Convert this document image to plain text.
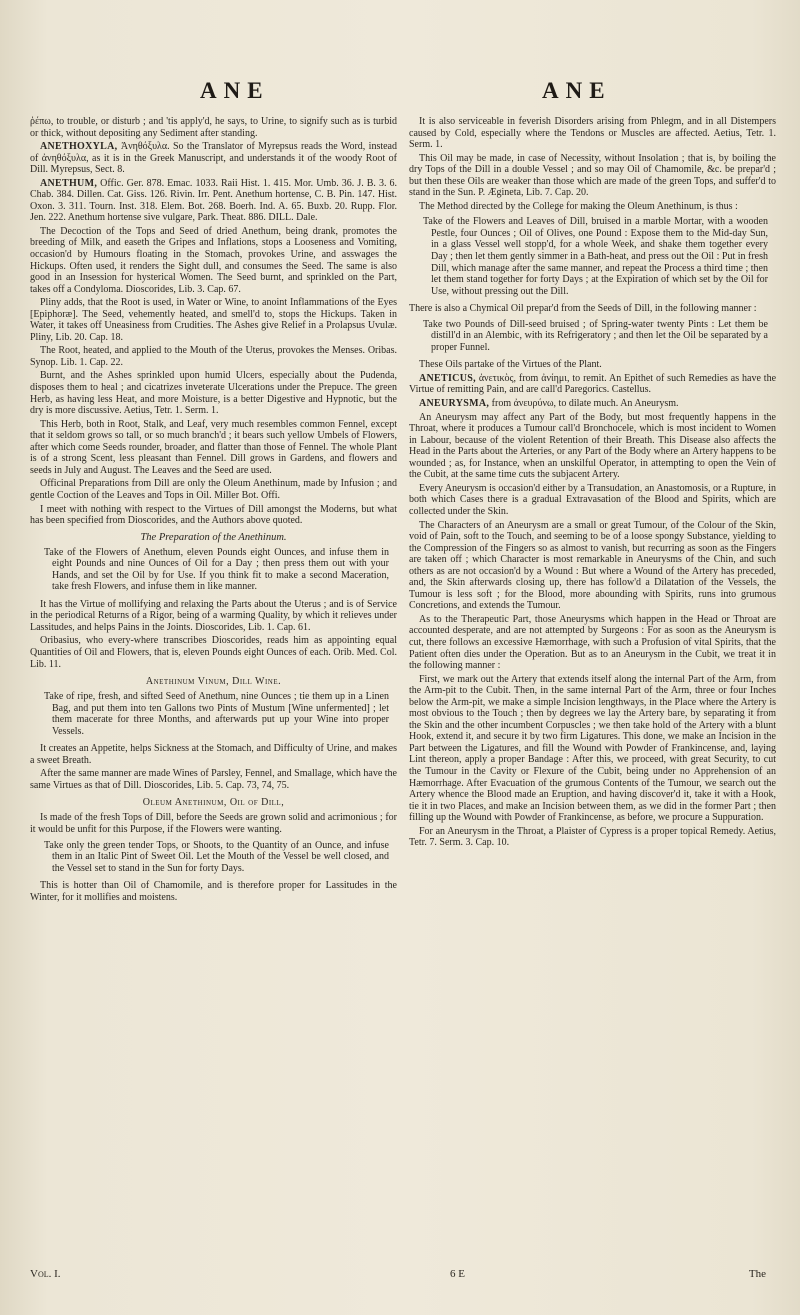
ANE	ANE

ῥέπω, to trouble, or disturb ; and 'tis apply'd, he says, to Urine, to signify such as is turbid or thick, without depositing any Sediment after standing.

ANETHOXYLA, Ἀνηθόξυλα. So the Translator of Myrepsus reads the Word, instead of ἀνηθόξυλα, as it is in the Greek Manuscript, and understands it of the woody Root of Dill. Myrepsus, Sect. 8.

ANETHUM, Offic. Ger. 878. Emac. 1033. Raii Hist. 1. 415. Mor. Umb. 36. J. B. 3. 6. Chab. 384. Dillen. Cat. Giss. 126. Rivin. Irr. Pent. Anethum hortense, C. B. Pin. 147. Hist. Oxon. 3. 311. Tourn. Inst. 318. Elem. Bot. 268. Boerh. Ind. A. 65. Buxb. 20. Rupp. Flor. Jen. 222. Anethum hortense sive vulgare, Park. Theat. 886. DILL. Dale.

The Decoction of the Tops and Seed of dried Anethum, being drank, promotes the breeding of Milk, and easeth the Gripes and Inflations, stops a Looseness and Vomiting, occasion'd by Humours floating in the Stomach, provokes Urine, and asswages the Hickups. Often used, it renders the Sight dull, and consumes the Seed. The same is also good in an Insession for hysterical Women. The Seed burnt, and sprinkled on the Part, takes off a Condyloma. Dioscorides, Lib. 3. Cap. 67.

Pliny adds, that the Root is used, in Water or Wine, to anoint Inflammations of the Eyes [Epiphoræ]. The Seed, vehemently heated, and smell'd to, stops the Hickups. Taken in Water, it takes off Uneasiness from Crudities. The Ashes give Relief in a Prolapsus Uvulæ. Pliny, Lib. 20. Cap. 18.

The Root, heated, and applied to the Mouth of the Uterus, provokes the Menses. Oribas. Synop. Lib. 1. Cap. 22.

Burnt, and the Ashes sprinkled upon humid Ulcers, especially about the Pudenda, disposes them to heal ; and cicatrizes inveterate Ulcerations under the Prepuce. The green Herb, as having less Heat, and more Moisture, is a better Digestive and Hypnotic, but the dry is more discussive. Aetius, Tetr. 1. Serm. 1.

This Herb, both in Root, Stalk, and Leaf, very much resembles common Fennel, except that it seldom grows so tall, or so much branch'd ; it bears such yellow Umbels of Flowers, after which come Seeds rounder, broader, and flatter than those of Fennel. The whole Plant is of a strong Scent, less pleasant than Fennel. Dill grows in Gardens, and flowers and seeds in July and August. The Leaves and the Seed are used.

Officinal Preparations from Dill are only the Oleum Anethinum, made by Infusion ; and gentle Coction of the Leaves and Tops in Oil. Miller Bot. Offi.

I meet with nothing with respect to the Virtues of Dill amongst the Moderns, but what has been specified from Dioscorides, and the Authors above quoted.

The Preparation of the Anethinum.

Take of the Flowers of Anethum, eleven Pounds eight Ounces, and infuse them in eight Pounds and nine Ounces of Oil for a Day ; then press them out with your Hands, and set the Oil by for Use. If you think fit to make a second Maceration, take fresh Flowers, and infuse them in like manner.

It has the Virtue of mollifying and relaxing the Parts about the Uterus ; and is of Service in the periodical Returns of a Rigor, being of a warming Quality, by which it relieves under Lassitudes, and helps Pains in the Joints. Dioscorides, Lib. 1. Cap. 61.

Oribasius, who every-where transcribes Dioscorides, reads him as appointing equal Quantities of Oil and Flowers, that is, eleven Pounds eight Ounces of each. Orib. Med. Col. Lib. 11.

Anethinum Vinum, Dill Wine.

Take of ripe, fresh, and sifted Seed of Anethum, nine Ounces ; tie them up in a Linen Bag, and put them into ten Gallons two Pints of Mustum [Wine unfermented] ; let them macerate for three Months, and afterwards put up your Wine into proper Vessels.

It creates an Appetite, helps Sickness at the Stomach, and Difficulty of Urine, and makes a sweet Breath.

After the same manner are made Wines of Parsley, Fennel, and Smallage, which have the same Virtues as that of Dill. Dioscorides, Lib. 5. Cap. 73, 74, 75.

Oleum Anethinum, Oil of Dill,

Is made of the fresh Tops of Dill, before the Seeds are grown solid and acrimonious ; for it would be unfit for this Purpose, if the Flowers were wanting.

Take only the green tender Tops, or Shoots, to the Quantity of an Ounce, and infuse them in an Italic Pint of Sweet Oil. Let the Mouth of the Vessel be well closed, and the Vessel set to stand in the Sun for forty Days.

This is hotter than Oil of Chamomile, and is therefore proper for Lassitudes in the Winter, for it mollifies and moistens.

It is also serviceable in feverish Disorders arising from Phlegm, and in all Distempers caused by Cold, especially where the Tendons or Muscles are affected. Aetius, Tetr. 1. Serm. 1.

This Oil may be made, in case of Necessity, without Insolation ; that is, by boiling the dry Tops of the Dill in a double Vessel ; and so may Oil of Chamomile, &c. be prepar'd ; but then these Oils are weaker than those which are made of the green Tops, and suffer'd to stand in the Sun. P. Ægineta, Lib. 7. Cap. 20.

The Method directed by the College for making the Oleum Anethinum, is thus :

Take of the Flowers and Leaves of Dill, bruised in a marble Mortar, with a wooden Pestle, four Ounces ; Oil of Olives, one Pound : Expose them to the Mid-day Sun, in a glass Vessel well stopp'd, for a whole Week, and shake them together every Day ; then let them gently simmer in a Bath-heat, and press out the Oil : Put in fresh Dill, which manage after the same manner, and repeat the Process a third time ; then let them stand together for forty Days ; at the Expiration of which set by the Oil for Use, without pressing out the Dill.

There is also a Chymical Oil prepar'd from the Seeds of Dill, in the following manner :

Take two Pounds of Dill-seed bruised ; of Spring-water twenty Pints : Let them be distill'd in an Alembic, with its Refrigeratory ; and then let the Oil be separated by a proper Funnel.

These Oils partake of the Virtues of the Plant.

ANETICUS, ἀνετικὸς, from ἀνίημι, to remit. An Epithet of such Remedies as have the Virtue of remitting Pain, and are call'd Paregorics. Castellus.

ANEURYSMA, from ἀνευρύνω, to dilate much. An Aneurysm.

An Aneurysm may affect any Part of the Body, but most frequently happens in the Throat, where it produces a Tumour call'd Bronchocele, which is most incident to Women in Labour, because of the violent Retention of their Breath. This Disease also affects the Head in the Parts about the Arteries, or any Part of the Body where an Artery happens to be wounded ; as, for Instance, when an unskilful Operator, in attempting to open the Vein of the Cubit, at the same time cuts the subjacent Artery.

Every Aneurysm is occasion'd either by a Transudation, an Anastomosis, or a Rupture, in both which Cases there is a gradual Extravasation of the Blood and Spirits, which are collected under the Skin.

The Characters of an Aneurysm are a small or great Tumour, of the Colour of the Skin, void of Pain, soft to the Touch, and seeming to be of a loose spongy Substance, yielding to the Compression of the Fingers so as almost to vanish, but recurring as soon as the Fingers are taken off ; which Character is most remarkable in Aneurysms of the Chin, and such others as are not occasion'd by a Wound : But where a Wound of the Artery has preceded, and, the Skin afterwards closing up, there has follow'd a Dilatation of the Vessels, the Tumour is less soft ; for the Blood, more abounding with Spirits, runs into grumous Concretions, and extends the Tumour.

As to the Therapeutic Part, those Aneurysms which happen in the Head or Throat are accounted desperate, and are not attempted by Surgeons : For as soon as the Aneurysm is cut, there follows an excessive Hæmorrhage, with such a Profusion of vital Spirits, that the Patient often dies under the Operation. But as to an Aneurysm in the Cubit, we treat it in the following manner :

First, we mark out the Artery that extends itself along the internal Part of the Arm, from the Arm-pit to the Cubit. Then, in the same internal Part of the Arm, three or four Inches below the Arm-pit, we make a simple Incision lengthways, in the Place where the Artery is most obvious to the Touch ; then by degrees we lay the Artery bare, by separating it from the Skin and the other incumbent Corpuscles ; we then take hold of the Artery with a blunt Hook, extend it, and secure it by two firm Ligatures. This done, we make an Incision in the Part between the Ligatures, and fill the Wound with Powder of Frankincense, and, laying Lint thereon, apply a proper Bandage : After this, we proceed, with great Security, to cut the Tumour in the Cavity or Flexure of the Cubit, being under no Apprehension of an Hæmorrhage. After Evacuation of the grumous Contents of the Tumour, we search out the Artery whence the Blood made an Eruption, and having discover'd it, take it with a Hook, tie it in two Places, and make an Incision between them, as we did in the former Part ; then filling up the Wound with Powder of Frankincense, as before, we procure a Suppuration.

For an Aneurysm in the Throat, a Plaister of Cypress is a proper topical Remedy. Aetius, Tetr. 7. Serm. 3. Cap. 10.

Vol. I.	6 E	The
